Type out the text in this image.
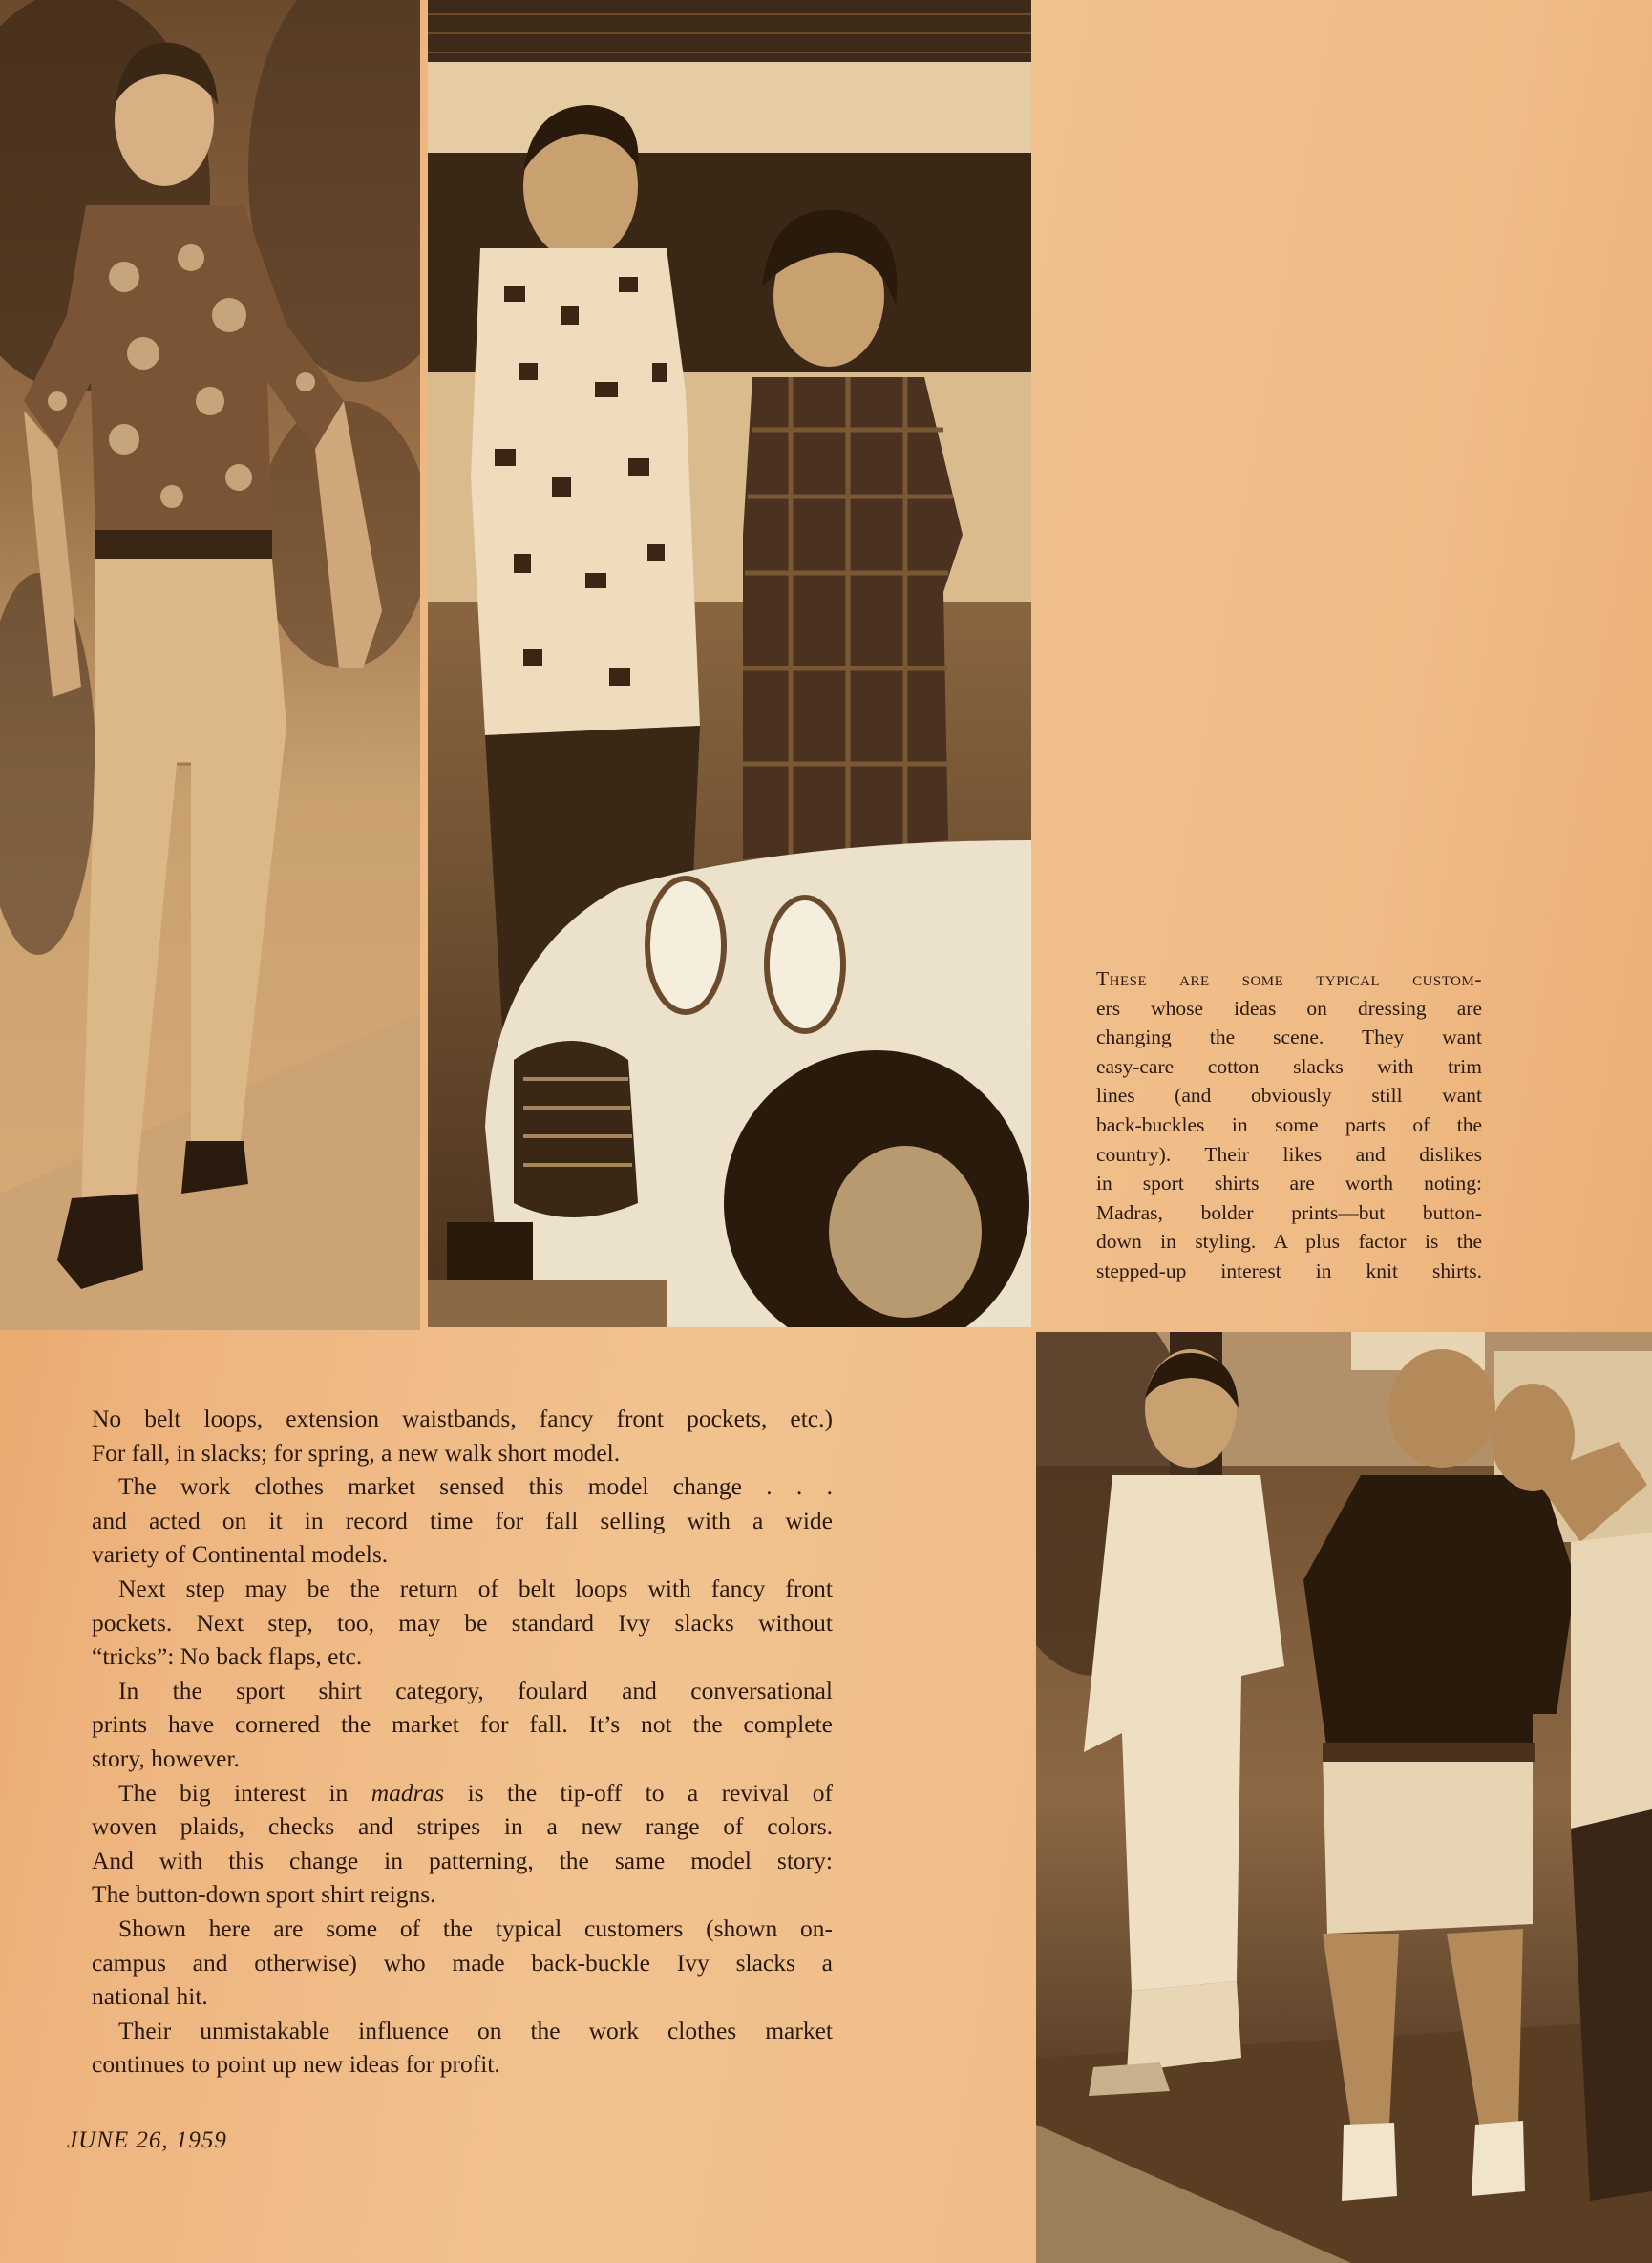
These are some typical custom-
ers whose ideas on dressing are
changing the scene. They want
easy-care cotton slacks with trim
lines (and obviously still want
back-buckles in some parts of the
country). Their likes and dislikes
in sport shirts are worth noting:
Madras, bolder prints—but button-
down in styling. A plus factor is the
stepped-up interest in knit shirts.
No belt loops, extension waistbands, fancy front pockets, etc.)
For fall, in slacks; for spring, a new walk short model.
The work clothes market sensed this model change . . .
and acted on it in record time for fall selling with a wide
variety of Continental models.
Next step may be the return of belt loops with fancy front
pockets. Next step, too, may be standard Ivy slacks without
“tricks”: No back flaps, etc.
In the sport shirt category, foulard and conversational
prints have cornered the market for fall. It’s not the complete
story, however.
The big interest in madras is the tip-off to a revival of
woven plaids, checks and stripes in a new range of colors.
And with this change in patterning, the same model story:
The button-down sport shirt reigns.
Shown here are some of the typical customers (shown on-
campus and otherwise) who made back-buckle Ivy slacks a
national hit.
Their unmistakable influence on the work clothes market
continues to point up new ideas for profit.
JUNE 26, 1959
